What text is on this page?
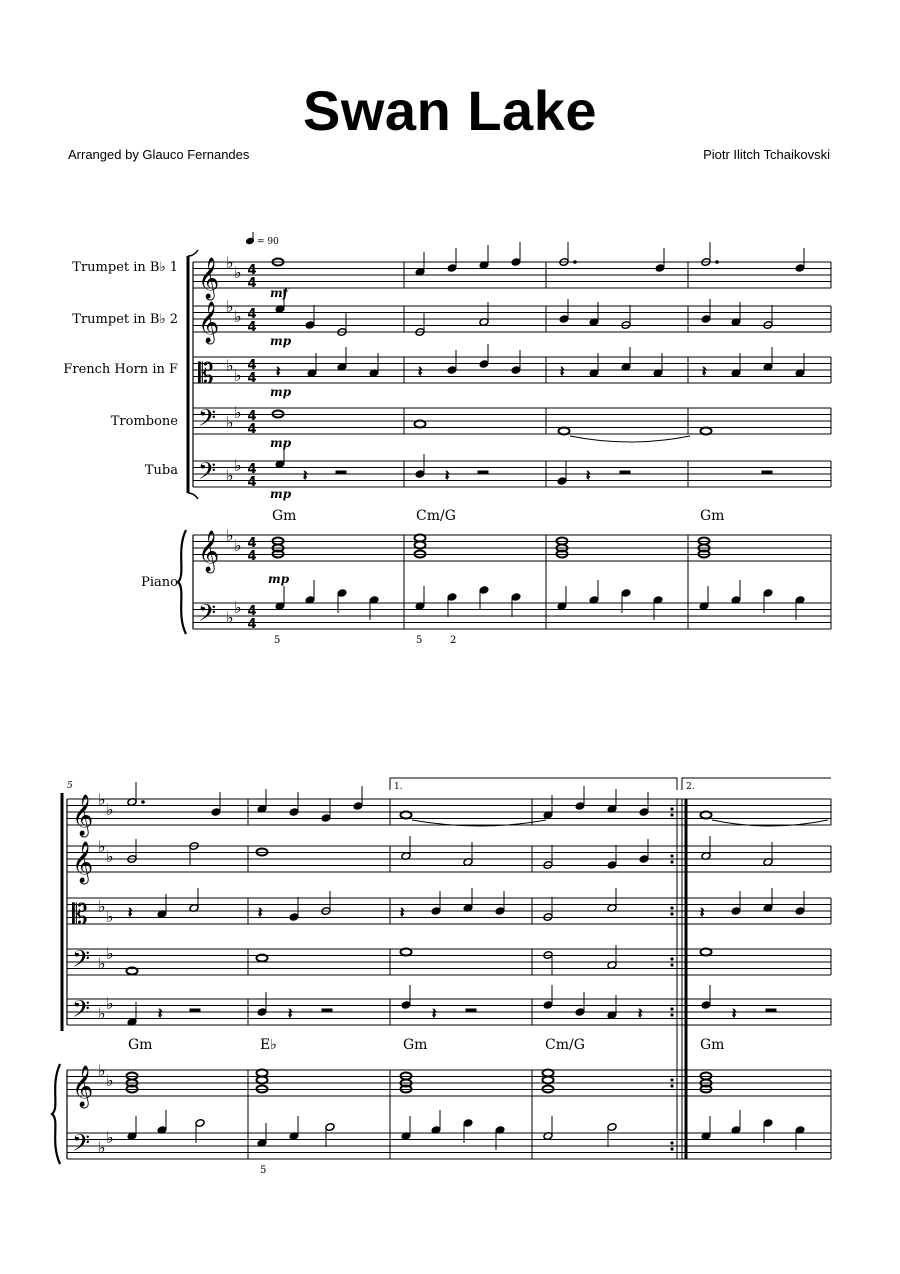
Swan Lake
Arranged by Glauco Fernandes	Piotr Ilitch Tchaikovski
= 90
Trumpet in B♭ 1
Trumpet in B♭ 2
French Horn in F
Trombone
Tuba
Piano
𝄞
𝄞
𝄡
𝄢
𝄢
𝄞
𝄢
♭
♭
♭
♭
♭
♭
♭
♭
♭
♭
♭
♭
♭
♭
4
4
4
4
4
4
4
4
4
4
4
4
4
4
mf
mp
mp
mp
mp
mp
Gm	Cm/G	Gm
5	5	2
𝄽	𝄽	𝄽	𝄽
𝄽	𝄽	𝄽
5	1.	2.
𝄞
𝄞
𝄡
𝄢
𝄢
𝄞
𝄢
♭
♭
♭
♭
♭
♭
♭
♭
♭
♭
♭
♭
♭
♭
Gm	E♭	Gm	Cm/G	Gm
5
𝄽	𝄽	𝄽	𝄽
𝄽	𝄽	𝄽	𝄽	𝄽
